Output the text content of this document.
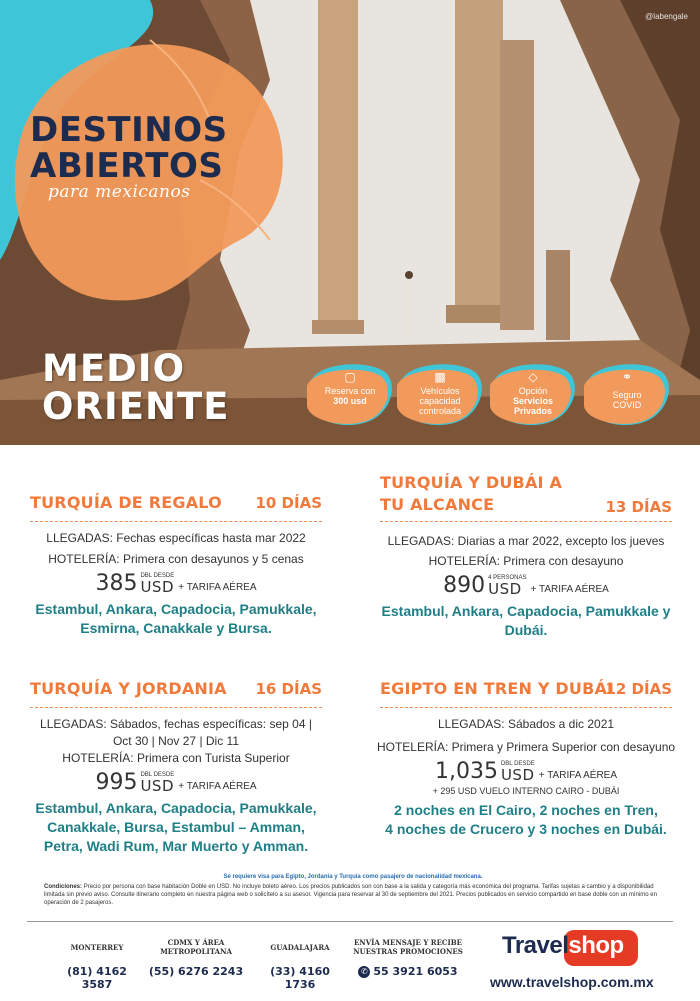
@labengale
DESTINOS
ABIERTOS
para mexicanos
MEDIO
ORIENTE
▢
Reserva con
300 usd
▩
Vehículos capacidad
controlada
◇
Opción
Servicios Privados
⚭
Seguro
COVID
TURQUÍA DE REGALO	10 DÍAS
LLEGADAS: Fechas específicas hasta mar 2022
HOTELERÍA: Primera con desayunos y 5 cenas
385 DBL DESDE
USD + TARIFA AÉREA
Estambul, Ankara, Capadocia, Pamukkale,
Esmirna, Canakkale y Bursa.
TURQUÍA Y DUBÁI A
TU ALCANCE	13 DÍAS
LLEGADAS: Diarias a mar 2022, excepto los jueves
HOTELERÍA: Primera con desayuno
890 4 PERSONAS
USD + TARIFA AÉREA
Estambul, Ankara, Capadocia, Pamukkale y
Dubái.
TURQUÍA Y JORDANIA	16 DÍAS
LLEGADAS: Sábados, fechas específicas: sep 04 |
Oct 30 | Nov 27 | Dic 11
HOTELERÍA: Primera con Turista Superior
995 DBL DESDE
USD + TARIFA AÉREA
Estambul, Ankara, Capadocia, Pamukkale,
Canakkale, Bursa, Estambul – Amman,
Petra, Wadi Rum, Mar Muerto y Amman.
EGIPTO EN TREN Y DUBÁI
12 DÍAS
LLEGADAS: Sábados a dic 2021
HOTELERÍA: Primera y Primera Superior con desayuno
1,035 DBL DESDE
USD + TARIFA AÉREA
+ 295 USD VUELO INTERNO CAIRO - DUBÁI
2 noches en El Cairo, 2 noches en Tren,
4 noches de Crucero y 3 noches en Dubái.
Se requiere visa para Egipto, Jordania y Turquía como pasajero de nacionalidad mexicana.
Condiciones: Precio por persona con base habitación Doble en USD. No incluye boleto aéreo. Los precios publicados son con base a la salida y categoría más económica del programa. Tarifas sujetas a cambio y a disponibilidad limitada sin previo aviso. Consulte itinerario completo en nuestra página web o solicítelo a su asesor. Vigencia para reservar al 30 de septiembre del 2021. Precios publicados en servicio compartido en base doble con un mínimo en operación de 2 pasajeros.
MONTERREY
(81) 4162 3587
CDMX Y ÁREA METROPOLITANA
(55) 6276 2243
GUADALAJARA
(33) 4160 1736
ENVÍA MENSAJE Y RECIBE NUESTRAS PROMOCIONES
✆ 55 3921 6053
Travelshop
www.travelshop.com.mx
